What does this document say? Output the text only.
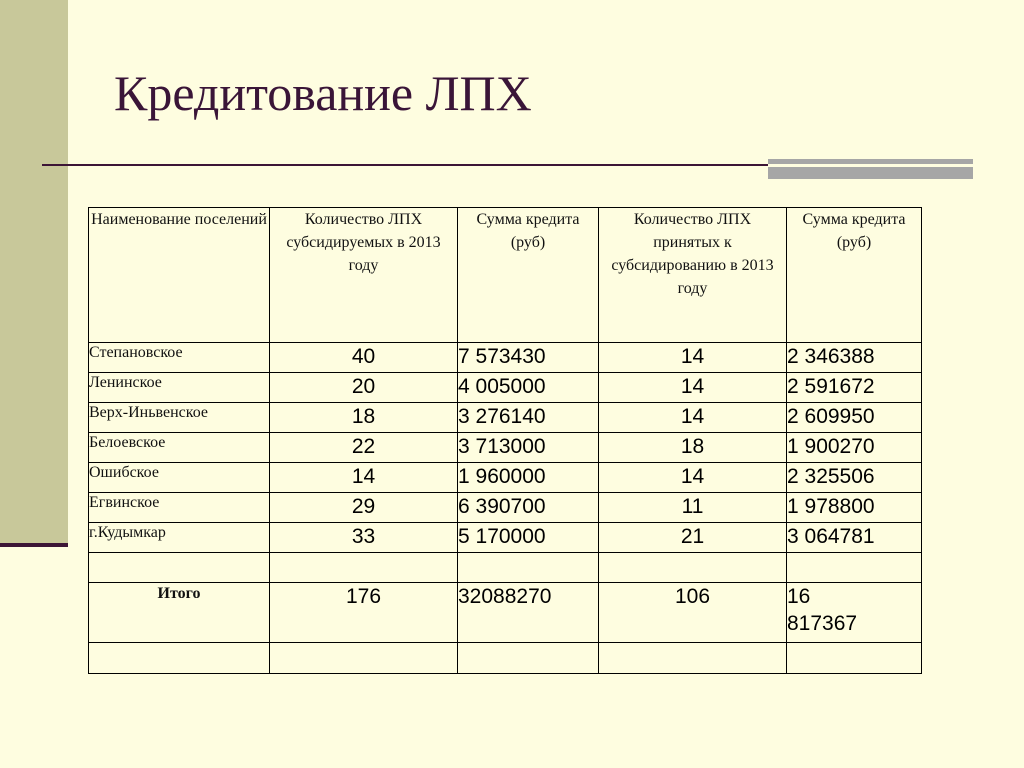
Кредитование ЛПХ
Наименование поселений	Количество ЛПХ субсидируемых в 2013 году	Сумма кредита (руб)	Количество ЛПХ принятых к субсидированию в 2013 году	Сумма кредита (руб)
Степановское	40	7 573430	14	2 346388
Ленинское	20	4 005000	14	2 591672
Верх-Иньвенское	18	3 276140	14	2 609950
Белоевское	22	3 713000	18	1 900270
Ошибское	14	1 960000	14	2 325506
Егвинское	29	6 390700	11	1 978800
г.Кудымкар	33	5 170000	21	3 064781

Итого	176	32088270	106	16 817367
